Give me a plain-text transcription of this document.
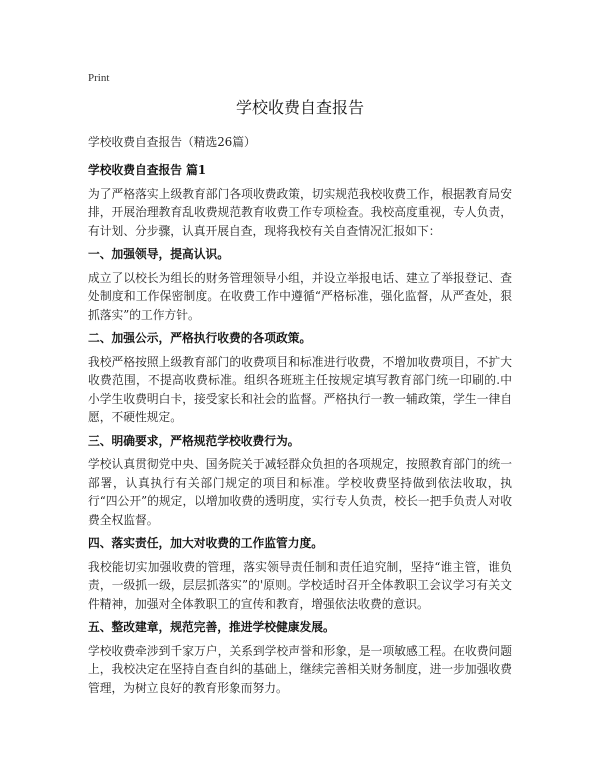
Print
学校收费自查报告
学校收费自查报告（精选26篇）
学校收费自查报告 篇1

为了严格落实上级教育部门各项收费政策，切实规范我校收费工作，根据教育局安排，开展治理教育乱收费规范教育收费工作专项检查。我校高度重视，专人负责，有计划、分步骤，认真开展自查，现将我校有关自查情况汇报如下：

一、加强领导，提高认识。

成立了以校长为组长的财务管理领导小组，并设立举报电话、建立了举报登记、查处制度和工作保密制度。在收费工作中遵循“严格标准，强化监督，从严查处，狠抓落实”的工作方针。

二、加强公示，严格执行收费的各项政策。

我校严格按照上级教育部门的收费项目和标准进行收费，不增加收费项目，不扩大收费范围，不提高收费标准。组织各班班主任按规定填写教育部门统一印刷的.中小学生收费明白卡，接受家长和社会的监督。严格执行一教一辅政策，学生一律自愿，不硬性规定。

三、明确要求，严格规范学校收费行为。

学校认真贯彻党中央、国务院关于减轻群众负担的各项规定，按照教育部门的统一部署，认真执行有关部门规定的项目和标准。学校收费坚持做到依法收取，执行“四公开”的规定，以增加收费的透明度，实行专人负责，校长一把手负责人对收费全权监督。

四、落实责任，加大对收费的工作监管力度。

我校能切实加强收费的管理，落实领导责任制和责任追究制，坚持“谁主管，谁负责，一级抓一级，层层抓落实”的'原则。学校适时召开全体教职工会议学习有关文件精神，加强对全体教职工的宣传和教育，增强依法收费的意识。

五、整改建章，规范完善，推进学校健康发展。

学校收费牵涉到千家万户，关系到学校声誉和形象，是一项敏感工程。在收费问题上，我校决定在坚持自查自纠的基础上，继续完善相关财务制度，进一步加强收费管理，为树立良好的教育形象而努力。
